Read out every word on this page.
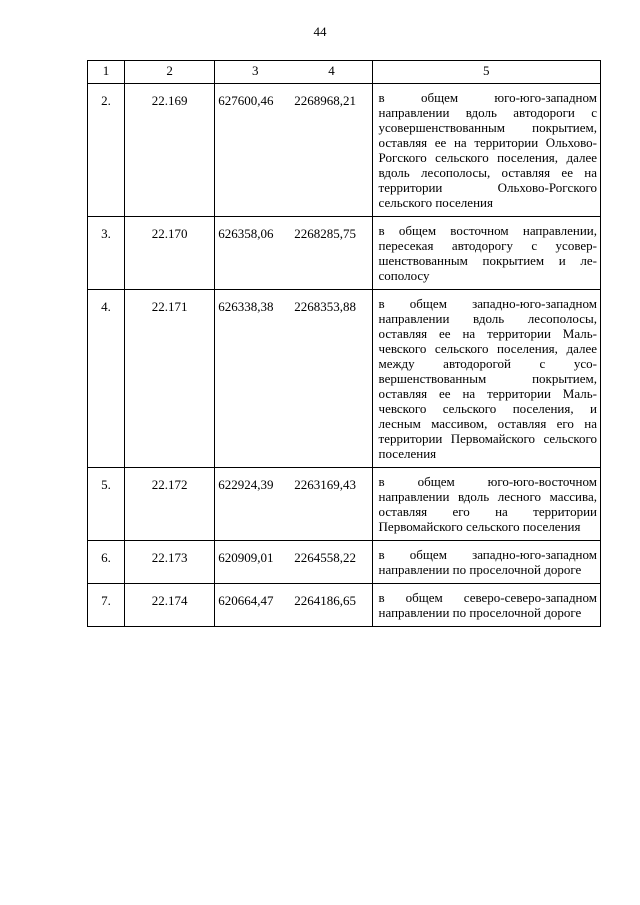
44
1	2	3 4	5
2.	22.169	627600,46 2268968,21	в общем юго-юго-западном направлении вдоль автодороги с усовершенствованным покрытием, оставляя ее на территории Ольхово-Рогского сельского поселения, далее вдоль лесополосы, оставляя ее на территории Ольхово-Рогского сельского поселения
3.	22.170	626358,06 2268285,75	в общем восточном направлении, пересекая автодорогу с усовершенствованным покрытием и лесополосу
4.	22.171	626338,38 2268353,88	в общем западно-юго-западном направлении вдоль лесополосы, оставляя ее на территории Мальчевского сельского поселения, далее между автодорогой с усовершенствованным покрытием, оставляя ее на территории Мальчевского сельского поселения, и лесным массивом, оставляя его на территории Первомайского сельского поселения
5.	22.172	622924,39 2263169,43	в общем юго-юго-восточном направлении вдоль лесного массива, оставляя его на территории Первомайского сельского поселения
6.	22.173	620909,01 2264558,22	в общем западно-юго-западном направлении по проселочной дороге
7.	22.174	620664,47 2264186,65	в общем северо-северо-западном направлении по проселочной дороге
